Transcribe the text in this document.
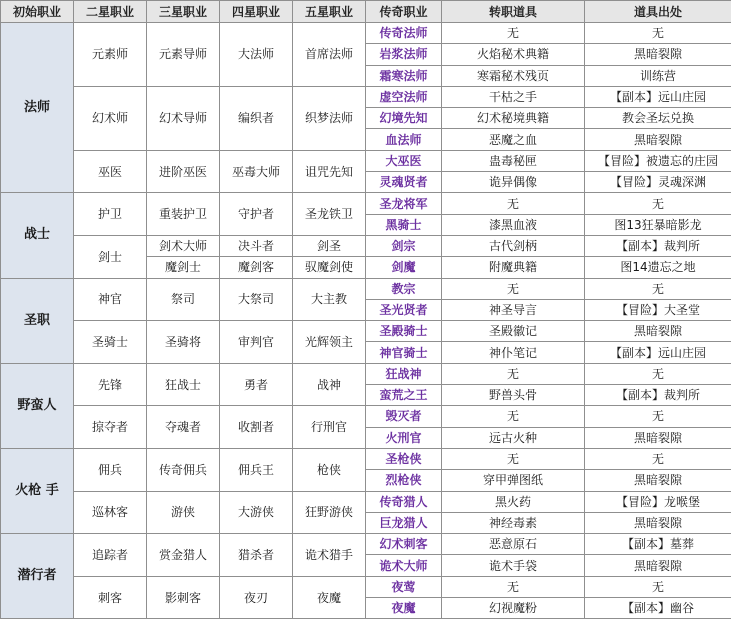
初始职业	二星职业	三星职业	四星职业	五星职业	传奇职业	转职道具	道具出处
法师	元素师	元素导师	大法师	首席法师	传奇法师	无	无
					岩浆法师	火焰秘术典籍	黑暗裂隙
					霜寒法师	寒霜秘术残页	训练营
	幻术师	幻术导师	编织者	织梦法师	虚空法师	干枯之手	【副本】远山庄园
					幻境先知	幻术秘境典籍	教会圣坛兑换
					血法师	恶魔之血	黑暗裂隙
	巫医	进阶巫医	巫毒大师	诅咒先知	大巫医	蛊毒秘匣	【冒险】被遗忘的庄园
					灵魂贤者	诡异偶像	【冒险】灵魂深渊
战士	护卫	重装护卫	守护者	圣龙铁卫	圣龙将军	无	无
					黑骑士	漆黑血液	图13狂暴暗影龙
	剑士	剑术大师	决斗者	剑圣	剑宗	古代剑柄	【副本】裁判所
		魔剑士	魔剑客	驭魔剑使	剑魔	附魔典籍	图14遗忘之地
圣职	神官	祭司	大祭司	大主教	教宗	无	无
					圣光贤者	神圣导言	【冒险】大圣堂
	圣骑士	圣骑将	审判官	光辉领主	圣殿骑士	圣殿徽记	黑暗裂隙
					神官骑士	神仆笔记	【副本】远山庄园
野蛮人	先锋	狂战士	勇者	战神	狂战神	无	无
					蛮荒之王	野兽头骨	【副本】裁判所
	掠夺者	夺魂者	收割者	行刑官	毁灭者	无	无
					火刑官	远古火种	黑暗裂隙
火枪 手	佣兵	传奇佣兵	佣兵王	枪侠	圣枪侠	无	无
					烈枪侠	穿甲弹图纸	黑暗裂隙
	巡林客	游侠	大游侠	狂野游侠	传奇猎人	黑火药	【冒险】龙喉堡
					巨龙猎人	神经毒素	黑暗裂隙
潜行者	追踪者	赏金猎人	猎杀者	诡术猎手	幻术刺客	恶意原石	【副本】墓葬
					诡术大师	诡术手袋	黑暗裂隙
	刺客	影刺客	夜刃	夜魔	夜莺	无	无
					夜魔	幻视魔粉	【副本】幽谷
